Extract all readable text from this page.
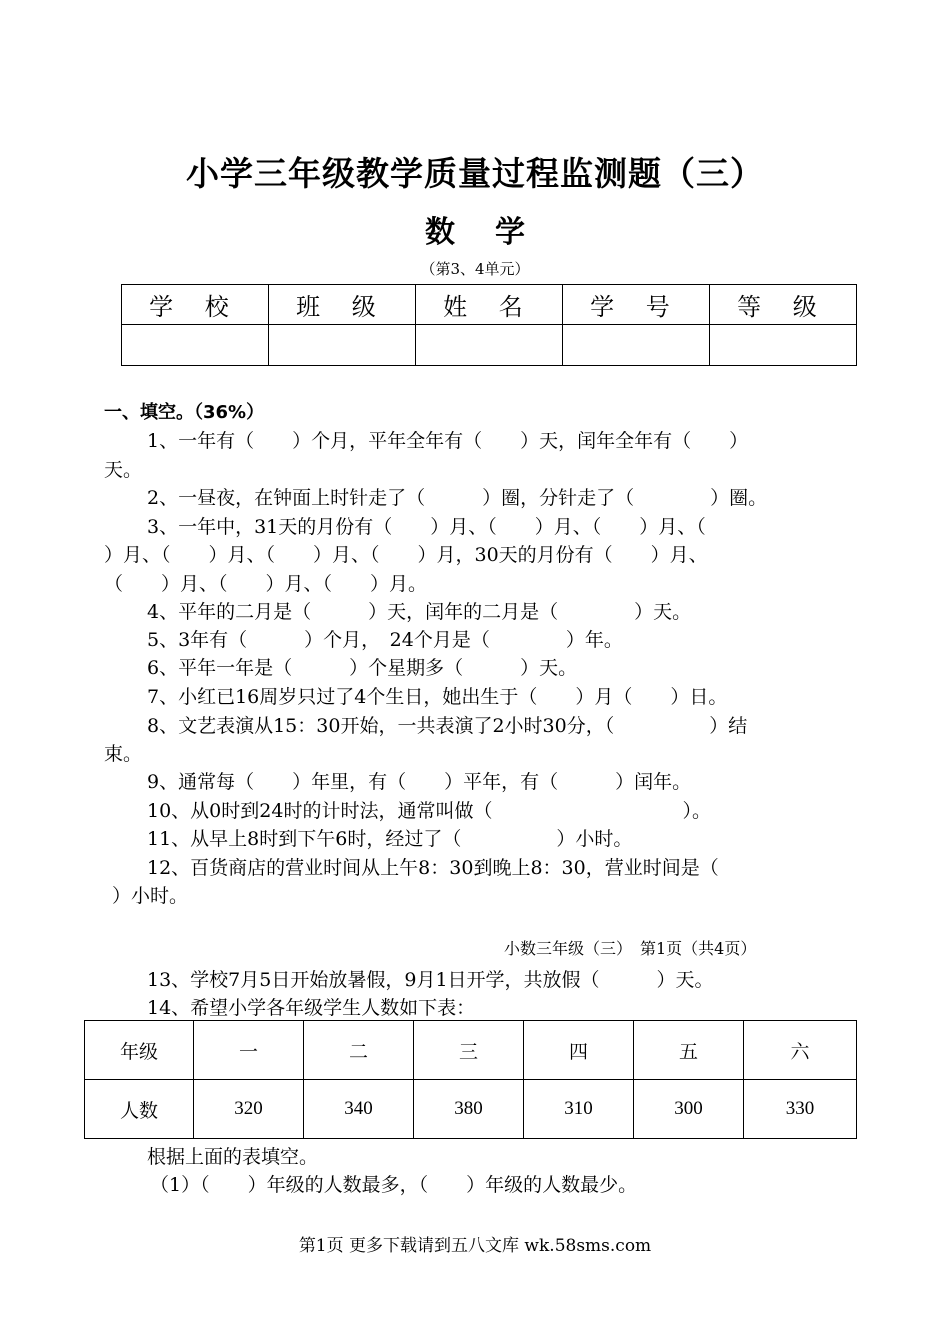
小学三年级教学质量过程监测题（三）
数学
（第3、4单元）
学 校	班 级	姓 名	学 号	等 级

一、填空。（36%）
1、一年有（　　）个月，平年全年有（　　）天，闰年全年有（　　）
天。
2、一昼夜，在钟面上时针走了（　　　）圈，分针走了（　　　　）圈。
3、一年中，31天的月份有（　　）月、（　　）月、（　　）月、（
）月、（　　）月、（　　）月、（　　）月，30天的月份有（　　）月、
（　　）月、（　　）月、（　　）月。
4、平年的二月是（　　　）天，闰年的二月是（　　　　）天。
5、3年有（　　　）个月，　24个月是（　　　　）年。
6、平年一年是（　　　）个星期多（　　　）天。
7、小红已16周岁只过了4个生日，她出生于（　　）月（　　）日。
8、文艺表演从15：30开始，一共表演了2小时30分，（　　　　　）结
束。
9、通常每（　　）年里，有（　　）平年，有（　　　）闰年。
10、从0时到24时的计时法，通常叫做（　　　　　　　　　　）。
11、从早上8时到下午6时，经过了（　　　　　）小时。
12、百货商店的营业时间从上午8：30到晚上8：30，营业时间是（
）小时。
小数三年级（三）　第1页（共4页）
13、学校7月5日开始放暑假，9月1日开学，共放假（　　　）天。
14、希望小学各年级学生人数如下表：
年级	一	二	三	四	五	六
人数	320	340	380	310	300	330
根据上面的表填空。
（1）（　　）年级的人数最多，（　　）年级的人数最少。
第1页 更多下载请到五八文库 wk.58sms.com
